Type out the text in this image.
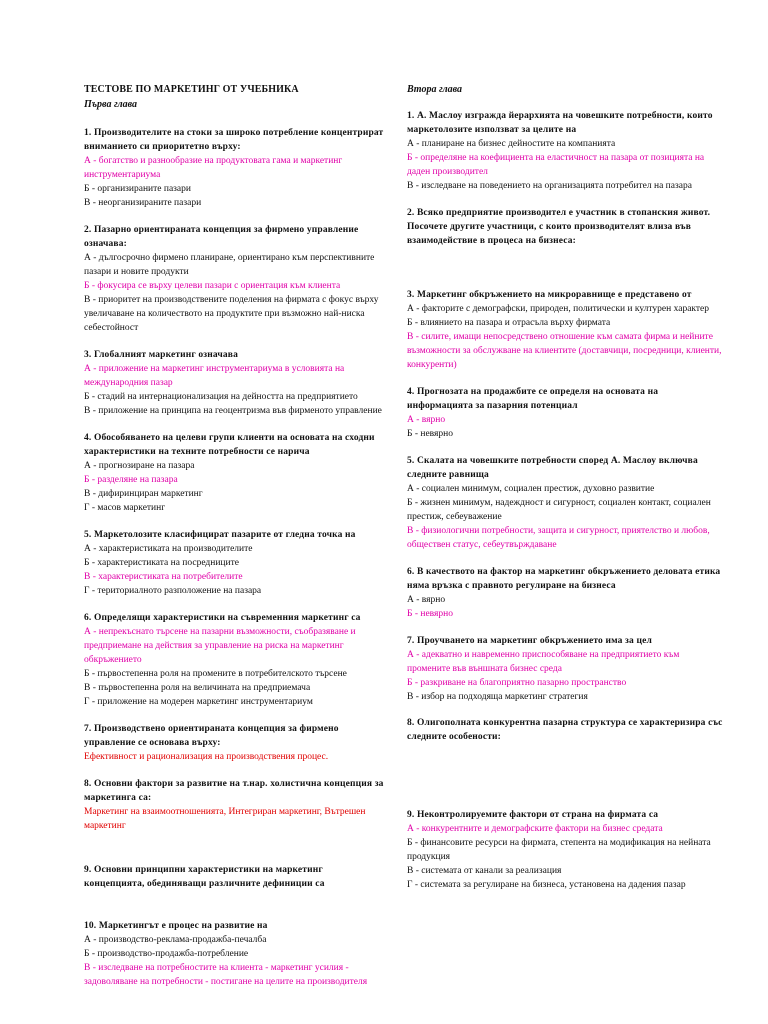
ТЕСТОВЕ ПО МАРКЕТИНГ ОТ УЧЕБНИКА
Първа глава
1. Производителите на стоки за широко потребление концентрират вниманието си приоритетно върху:
А - богатство и разнообразие на продуктовата гама и маркетинг инструментариума
Б - организираните пазари
В - неорганизираните пазари
2. Пазарно ориентираната концепция за фирмено управление означава:
А - дългосрочно фирмено планиране, ориентирано към перспективните пазари и новите продукти
Б - фокусира се върху целеви пазари с ориентация към клиента
В - приоритет на производствените поделения на фирмата с фокус върху увеличаване на количеството на продуктите при възможно най-ниска себестойност
3. Глобалният маркетинг означава
А - приложение на маркетинг инструментариума в условията на международния пазар
Б - стадий на интернационализация на дейността на предприятието
В - приложение на принципа на геоцентризма във фирменото управление
4. Обособяването на целеви групи клиенти на основата на сходни характеристики на техните потребности се нарича
А - прогнозиране на пазара
Б - разделяне на пазара
В - дифиринциран маркетинг
Г - масов маркетинг
5. Маркетолозите класифицират пазарите от гледна точка на
А - характеристиката на производителите
Б - характеристиката на посредниците
В - характеристиката на потребителите
Г - териториалното разположение на пазара
6. Определящи характеристики на съвременния маркетинг са
А - непрекъснато търсене на пазарни възможности, съобразяване и предприемане на действия за управление на риска на маркетинг обкръжението
Б - първостепенна роля на промените в потребителското търсене
В - първостепенна роля на величината на предприемача
Г - приложение на модерен маркетинг инструментариум
7. Производствено ориентираната концепция за фирмено управление се основава върху:
Ефективност и рационализация на производствения процес.
8. Основни фактори за развитие на т.нар. холистична концепция за маркетинга са:
Маркетинг на взаимоотношенията, Интегриран маркетинг, Вътрешен маркетинг
9. Основни принципни характеристики на маркетинг концепцията, обединяващи различните дефиниции са
10. Маркетингът е процес на развитие на
А - производство-реклама-продажба-печалба
Б - производство-продажба-потребление
В - изследване на потребностите на клиента - маркетинг усилия - задоволяване на потребности - постигане на целите на производителя
Втора глава
1. А. Маслоу изгражда йерархията на човешките потребности, които маркетолозите използват за целите на
А - планиране на бизнес дейностите на компанията
Б - определяне на коефициента на еластичност на пазара от позицията на даден производител
В - изследване на поведението на организацията потребител на пазара
2. Всяко предприятие производител е участник в стопанския живот. Посочете другите участници, с които производителят влиза във взаимодействие в процеса на бизнеса:
3. Маркетинг обкръжението на микроравнище е представено от
А - факторите с демографски, природен, политически и културен характер
Б - влиянието на пазара и отрасъла върху фирмата
В - силите, имащи непосредствено отношение към самата фирма и нейните възможности за обслужване на клиентите (доставчици, посредници, клиенти, конкуренти)
4. Прогнозата на продажбите се определя на основата на информацията за пазарния потенциал
А - вярно
Б - невярно
5. Скалата на човешките потребности според А. Маслоу включва следните равнища
А - социален минимум, социален престиж, духовно развитие
Б - жизнен минимум, надеждност и сигурност, социален контакт, социален престиж, себеуважение
В - физиологични потребности, защита и сигурност, приятелство и любов, обществен статус, себеутвърждаване
6. В качеството на фактор на маркетинг обкръжението деловата етика няма връзка с правното регулиране на бизнеса
А - вярно
Б - невярно
7. Проучването на маркетинг обкръжението има за цел
А - адекватно и навременно приспособяване на предприятието към промените във външната бизнес среда
Б - разкриване на благоприятно пазарно пространство
В - избор на подходяща маркетинг стратегия
8. Олигополната конкурентна пазарна структура се характеризира със следните особености:
9. Неконтролируемите фактори от страна на фирмата са
А - конкурентните и демографските фактори на бизнес средата
Б - финансовите ресурси на фирмата, степента на модификация на нейната продукция
В - системата от канали за реализация
Г - системата за регулиране на бизнеса, установена на дадения пазар
